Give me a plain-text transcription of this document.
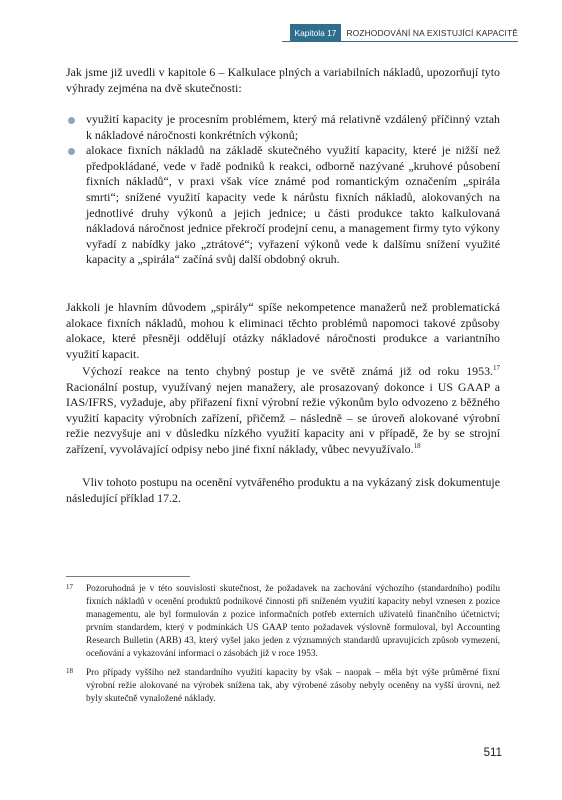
Kapitola 17	ROZHODOVÁNÍ NA EXISTUJÍCÍ KAPACITĚ

Jak jsme již uvedli v kapitole 6 – Kalkulace plných a variabilních nákladů, upozorňují tyto výhrady zejména na dvě skutečnosti:

využití kapacity je procesním problémem, který má relativně vzdálený příčinný vztah k nákladové náročnosti konkrétních výkonů;
alokace fixních nákladů na základě skutečného využití kapacity, které je nižší než předpokládané, vede v řadě podniků k reakci, odborně nazývané „kruhové působení fixních nákladů“, v praxi však více známé pod romantickým označením „spirála smrti“; snížené využití kapacity vede k nárůstu fixních nákladů, alokovaných na jednotlivé druhy výkonů a jejich jednice; u části produkce takto kalkulovaná nákladová náročnost jednice překročí prodejní cenu, a management firmy tyto výkony vyřadí z nabídky jako „ztrátové“; vyřazení výkonů vede k dalšímu snížení využité kapacity a „spirála“ začíná svůj další obdobný okruh.

Jakkoli je hlavním důvodem „spirály“ spíše nekompetence manažerů než problematická alokace fixních nákladů, mohou k eliminaci těchto problémů napomoci takové způsoby alokace, které přesněji oddělují otázky nákladové náročnosti produkce a variantního využití kapacit.

Výchozí reakce na tento chybný postup je ve světě známá již od roku 1953.17 Racionální postup, využívaný nejen manažery, ale prosazovaný dokonce i US GAAP a IAS/IFRS, vyžaduje, aby přiřazení fixní výrobní režie výkonům bylo odvozeno z běžného využití kapacity výrobních zařízení, přičemž – následně – se úroveň alokované výrobní režie nezvyšuje ani v důsledku nízkého využití kapacity ani v případě, že by se strojní zařízení, vyvolávající odpisy nebo jiné fixní náklady, vůbec nevyužívalo.$^{18}$

Vliv tohoto postupu na ocenění vytvářeného produktu a na vykázaný zisk dokumentuje následující příklad 17.2.

17 Pozoruhodná je v této souvislosti skutečnost, že požadavek na zachování výchozího (standardního) podílu fixních nákladů v ocenění produktů podnikové činnosti při sníženém využití kapacity nebyl vznesen z pozice managementu, ale byl formulován z pozice informačních potřeb externích uživatelů finančního účetnictví; prvním standardem, který v podmínkách US GAAP tento požadavek výslovně formuloval, byl Accounting Research Bulletin (ARB) 43, který vyšel jako jeden z významných standardů upravujících způsob vymezení, oceňování a vykazování informací o zásobách již v roce 1953.
18 Pro případy vyššího než standardního využití kapacity by však – naopak – měla být výše průměrné fixní výrobní režie alokované na výrobek snížena tak, aby výrobené zásoby nebyly oceněny na vyšší úrovni, než byly skutečně vynaložené náklady.
511
